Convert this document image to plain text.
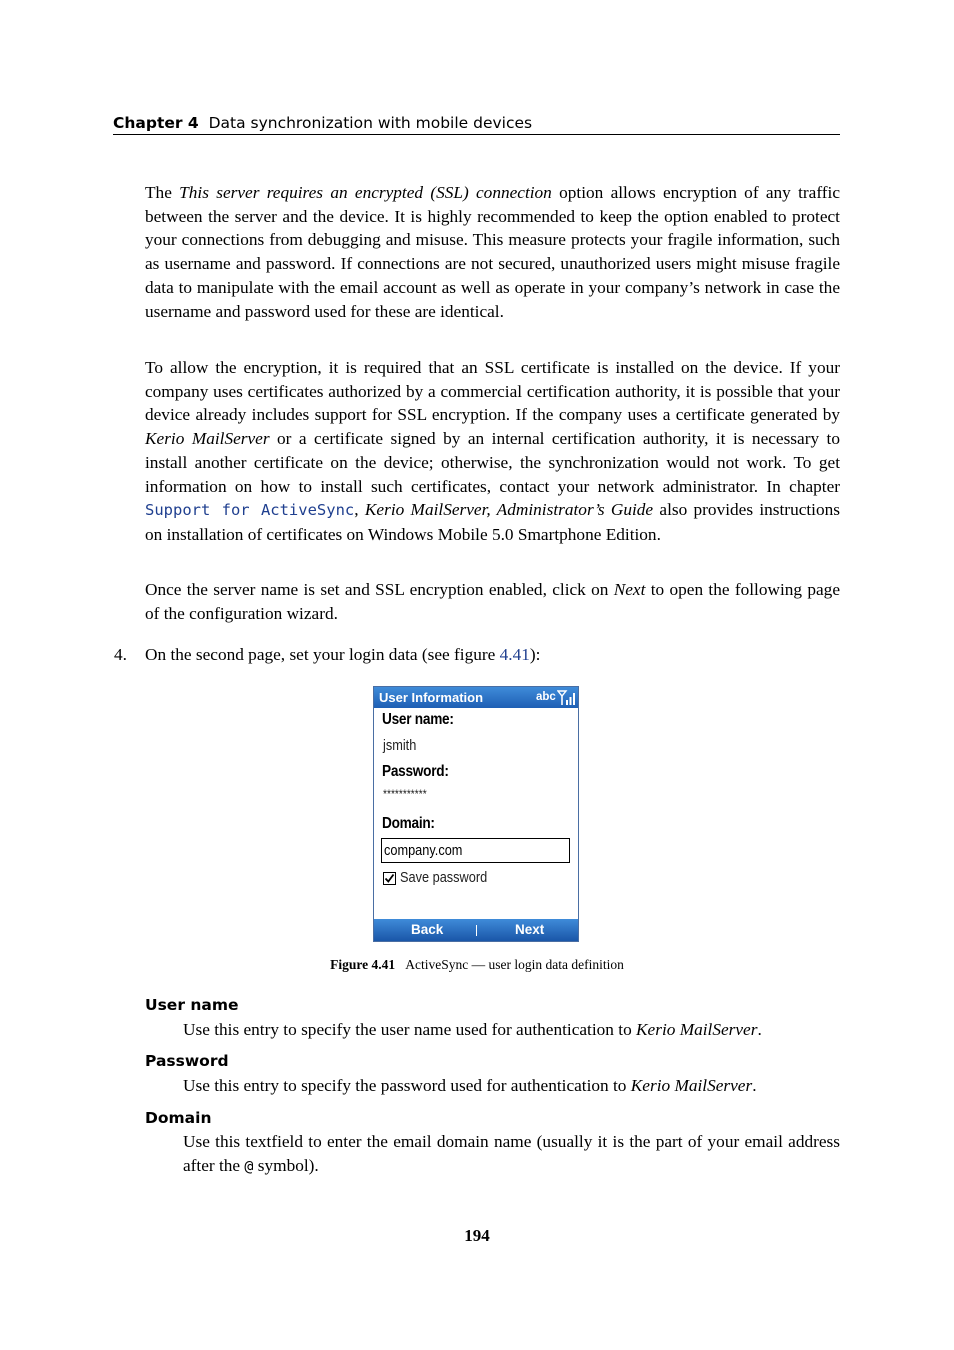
Chapter 4 Data synchronization with mobile devices
The This server requires an encrypted (SSL) connection option allows encryption of any traffic between the server and the device. It is highly recommended to keep the option enabled to protect your connections from debugging and misuse. This measure protects your fragile information, such as username and password. If connections are not secured, unauthorized users might misuse fragile data to manipulate with the email account as well as operate in your company’s network in case the username and password used for these are identical.
To allow the encryption, it is required that an SSL certificate is installed on the device. If your company uses certificates authorized by a commercial certification authority, it is possible that your device already includes support for SSL encryption. If the company uses a certificate generated by Kerio MailServer or a certificate signed by an internal certification authority, it is necessary to install another certificate on the device; otherwise, the synchronization would not work. To get information on how to install such certificates, contact your network administrator. In chapter Support for ActiveSync, Kerio MailServer, Administrator’s Guide also provides instructions on installation of certificates on Windows Mobile 5.0 Smartphone Edition.
Once the server name is set and SSL encryption enabled, click on Next to open the following page of the configuration wizard.
4. On the second page, set your login data (see figure 4.41):
User Information	abc
User name:
jsmith
Password:
***********
Domain:
company.com
Save password
Back	Next
Figure 4.41 ActiveSync — user login data definition
User name
Use this entry to specify the user name used for authentication to Kerio MailServer.
Password
Use this entry to specify the password used for authentication to Kerio MailServer.
Domain
Use this textfield to enter the email domain name (usually it is the part of your email address after the @ symbol).
194
